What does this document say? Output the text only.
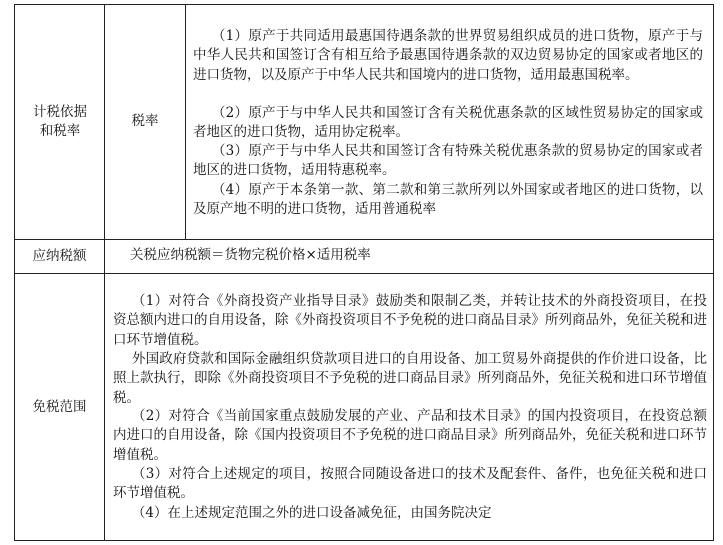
计税依据和税率
税率

（1）原产于共同适用最惠国待遇条款的世界贸易组织成员的进口货物，原产于与中华人民共和国签订含有相互给予最惠国待遇条款的双边贸易协定的国家或者地区的进口货物，以及原产于中华人民共和国境内的进口货物，适用最惠国税率。

（2）原产于与中华人民共和国签订含有关税优惠条款的区域性贸易协定的国家或者地区的进口货物，适用协定税率。

（3）原产于与中华人民共和国签订含有特殊关税优惠条款的贸易协定的国家或者地区的进口货物，适用特惠税率。

（4）原产于本条第一款、第二款和第三款所列以外国家或者地区的进口货物，以及原产地不明的进口货物，适用普通税率

应纳税额	关税应纳税额＝货物完税价格×适用税率
免税范围

（1）对符合《外商投资产业指导目录》鼓励类和限制乙类，并转让技术的外商投资项目，在投资总额内进口的自用设备，除《外商投资项目不予免税的进口商品目录》所列商品外，免征关税和进口环节增值税。

外国政府贷款和国际金融组织贷款项目进口的自用设备、加工贸易外商提供的作价进口设备，比照上款执行，即除《外商投资项目不予免税的进口商品目录》所列商品外，免征关税和进口环节增值税。

（2）对符合《当前国家重点鼓励发展的产业、产品和技术目录》的国内投资项目，在投资总额内进口的自用设备，除《国内投资项目不予免税的进口商品目录》所列商品外，免征关税和进口环节增值税。

（3）对符合上述规定的项目，按照合同随设备进口的技术及配套件、备件，也免征关税和进口环节增值税。

（4）在上述规定范围之外的进口设备减免征，由国务院决定
